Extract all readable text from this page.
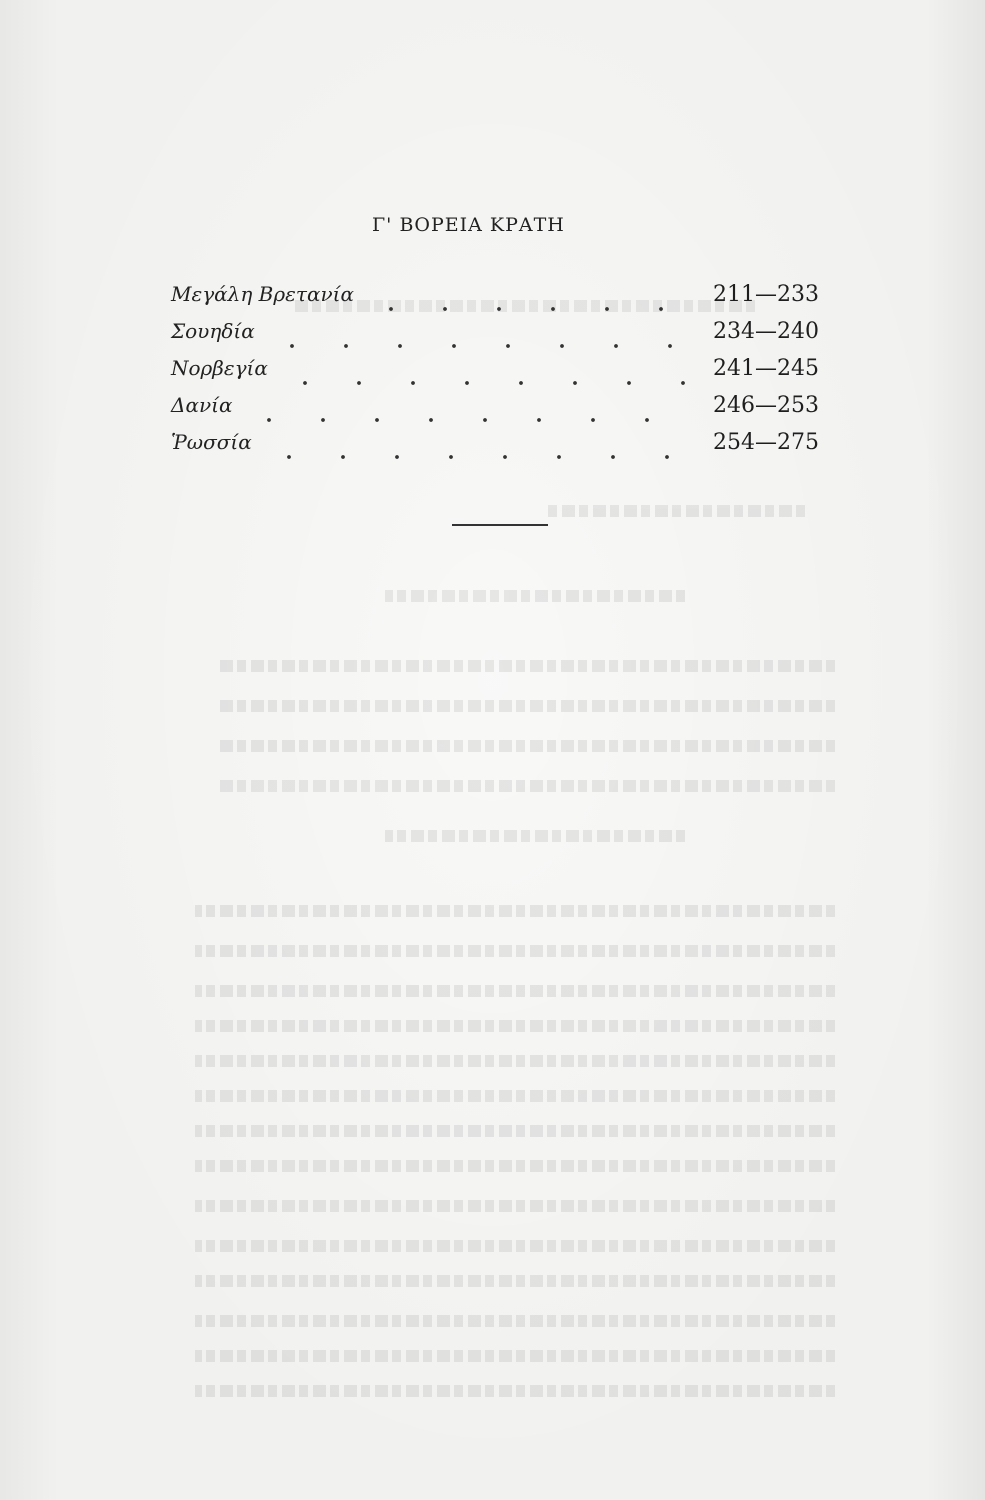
Γ' ΒΟΡΕΙΑ ΚΡΑΤΗ
Μεγάλη Βρετανία	211—233
Σουηδία	234—240
Νορβεγία	241—245
Δανία	246—253
Ῥωσσία	254—275
